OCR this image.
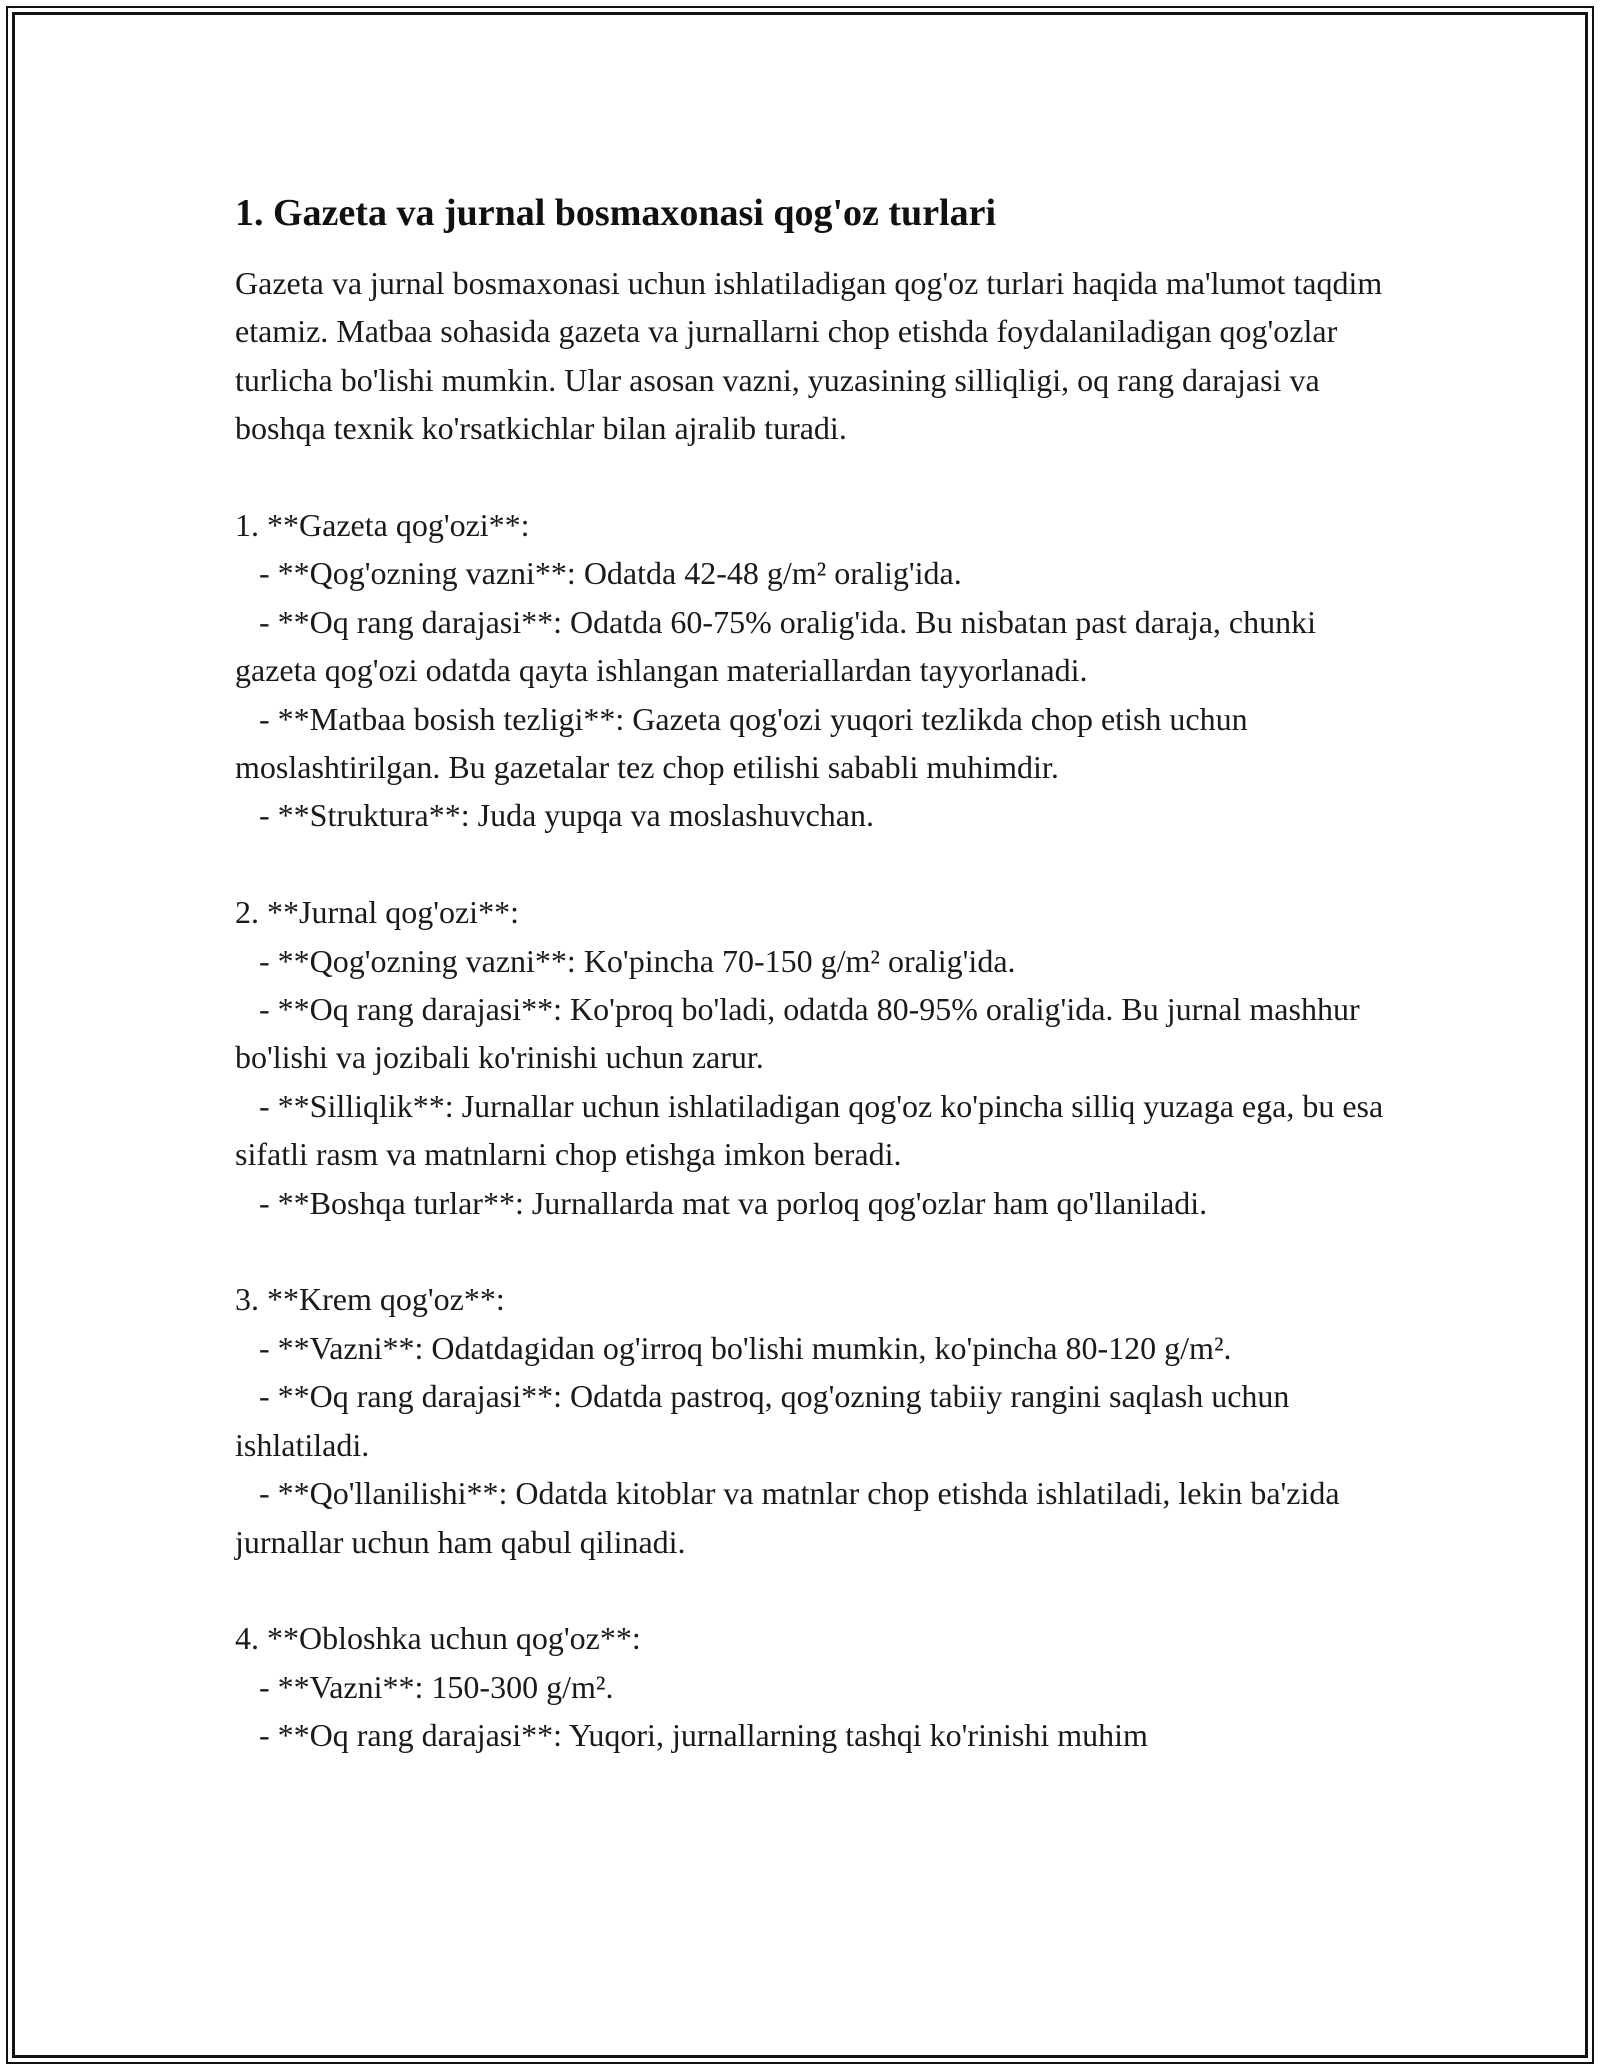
1. Gazeta va jurnal bosmaxonasi qog'oz turlari

Gazeta va jurnal bosmaxonasi uchun ishlatiladigan qog'oz turlari haqida ma'lumot taqdim etamiz. Matbaa sohasida gazeta va jurnallarni chop etishda foydalaniladigan qog'ozlar turlicha bo'lishi mumkin. Ular asosan vazni, yuzasining silliqligi, oq rang darajasi va boshqa texnik ko'rsatkichlar bilan ajralib turadi.

1. **Gazeta qog'ozi**:

- **Qog'ozning vazni**: Odatda 42-48 g/m² oralig'ida.

- **Oq rang darajasi**: Odatda 60-75% oralig'ida. Bu nisbatan past daraja, chunki gazeta qog'ozi odatda qayta ishlangan materiallardan tayyorlanadi.

- **Matbaa bosish tezligi**: Gazeta qog'ozi yuqori tezlikda chop etish uchun moslashtirilgan. Bu gazetalar tez chop etilishi sababli muhimdir.

- **Struktura**: Juda yupqa va moslashuvchan.

2. **Jurnal qog'ozi**:

- **Qog'ozning vazni**: Ko'pincha 70-150 g/m² oralig'ida.

- **Oq rang darajasi**: Ko'proq bo'ladi, odatda 80-95% oralig'ida. Bu jurnal mashhur bo'lishi va jozibali ko'rinishi uchun zarur.

- **Silliqlik**: Jurnallar uchun ishlatiladigan qog'oz ko'pincha silliq yuzaga ega, bu esa sifatli rasm va matnlarni chop etishga imkon beradi.

- **Boshqa turlar**: Jurnallarda mat va porloq qog'ozlar ham qo'llaniladi.

3. **Krem qog'oz**:

- **Vazni**: Odatdagidan og'irroq bo'lishi mumkin, ko'pincha 80-120 g/m².

- **Oq rang darajasi**: Odatda pastroq, qog'ozning tabiiy rangini saqlash uchun ishlatiladi.

- **Qo'llanilishi**: Odatda kitoblar va matnlar chop etishda ishlatiladi, lekin ba'zida jurnallar uchun ham qabul qilinadi.

4. **Obloshka uchun qog'oz**:

- **Vazni**: 150-300 g/m².

- **Oq rang darajasi**: Yuqori, jurnallarning tashqi ko'rinishi muhim
